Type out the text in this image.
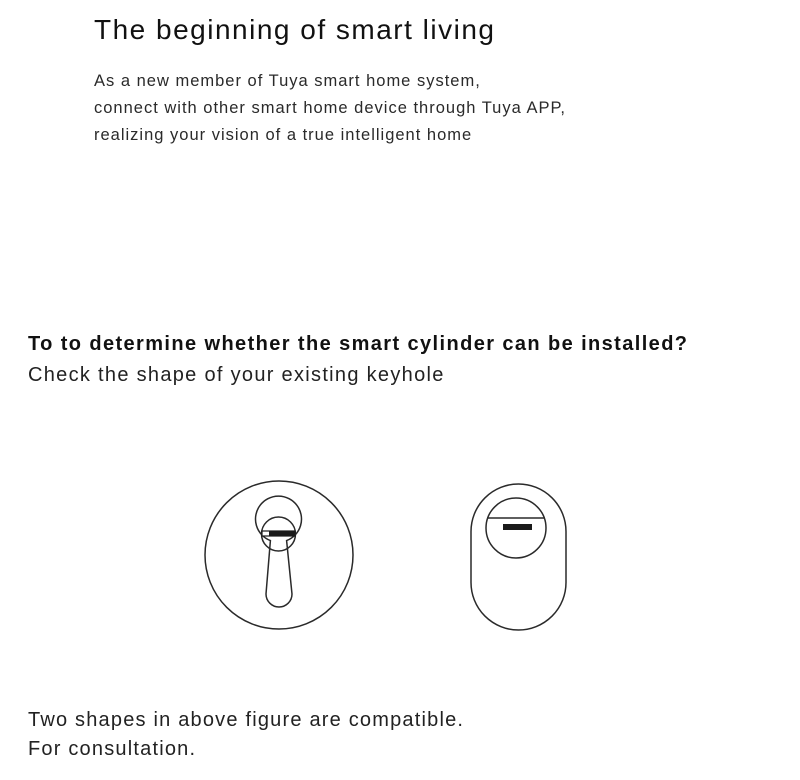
The beginning of smart living

As a new member of Tuya smart home system,
connect with other smart home device through Tuya APP,
realizing your vision of a true intelligent home

To to determine whether the smart cylinder can be installed?

Check the shape of your existing keyhole

Two shapes in above figure are compatible.
For consultation.
